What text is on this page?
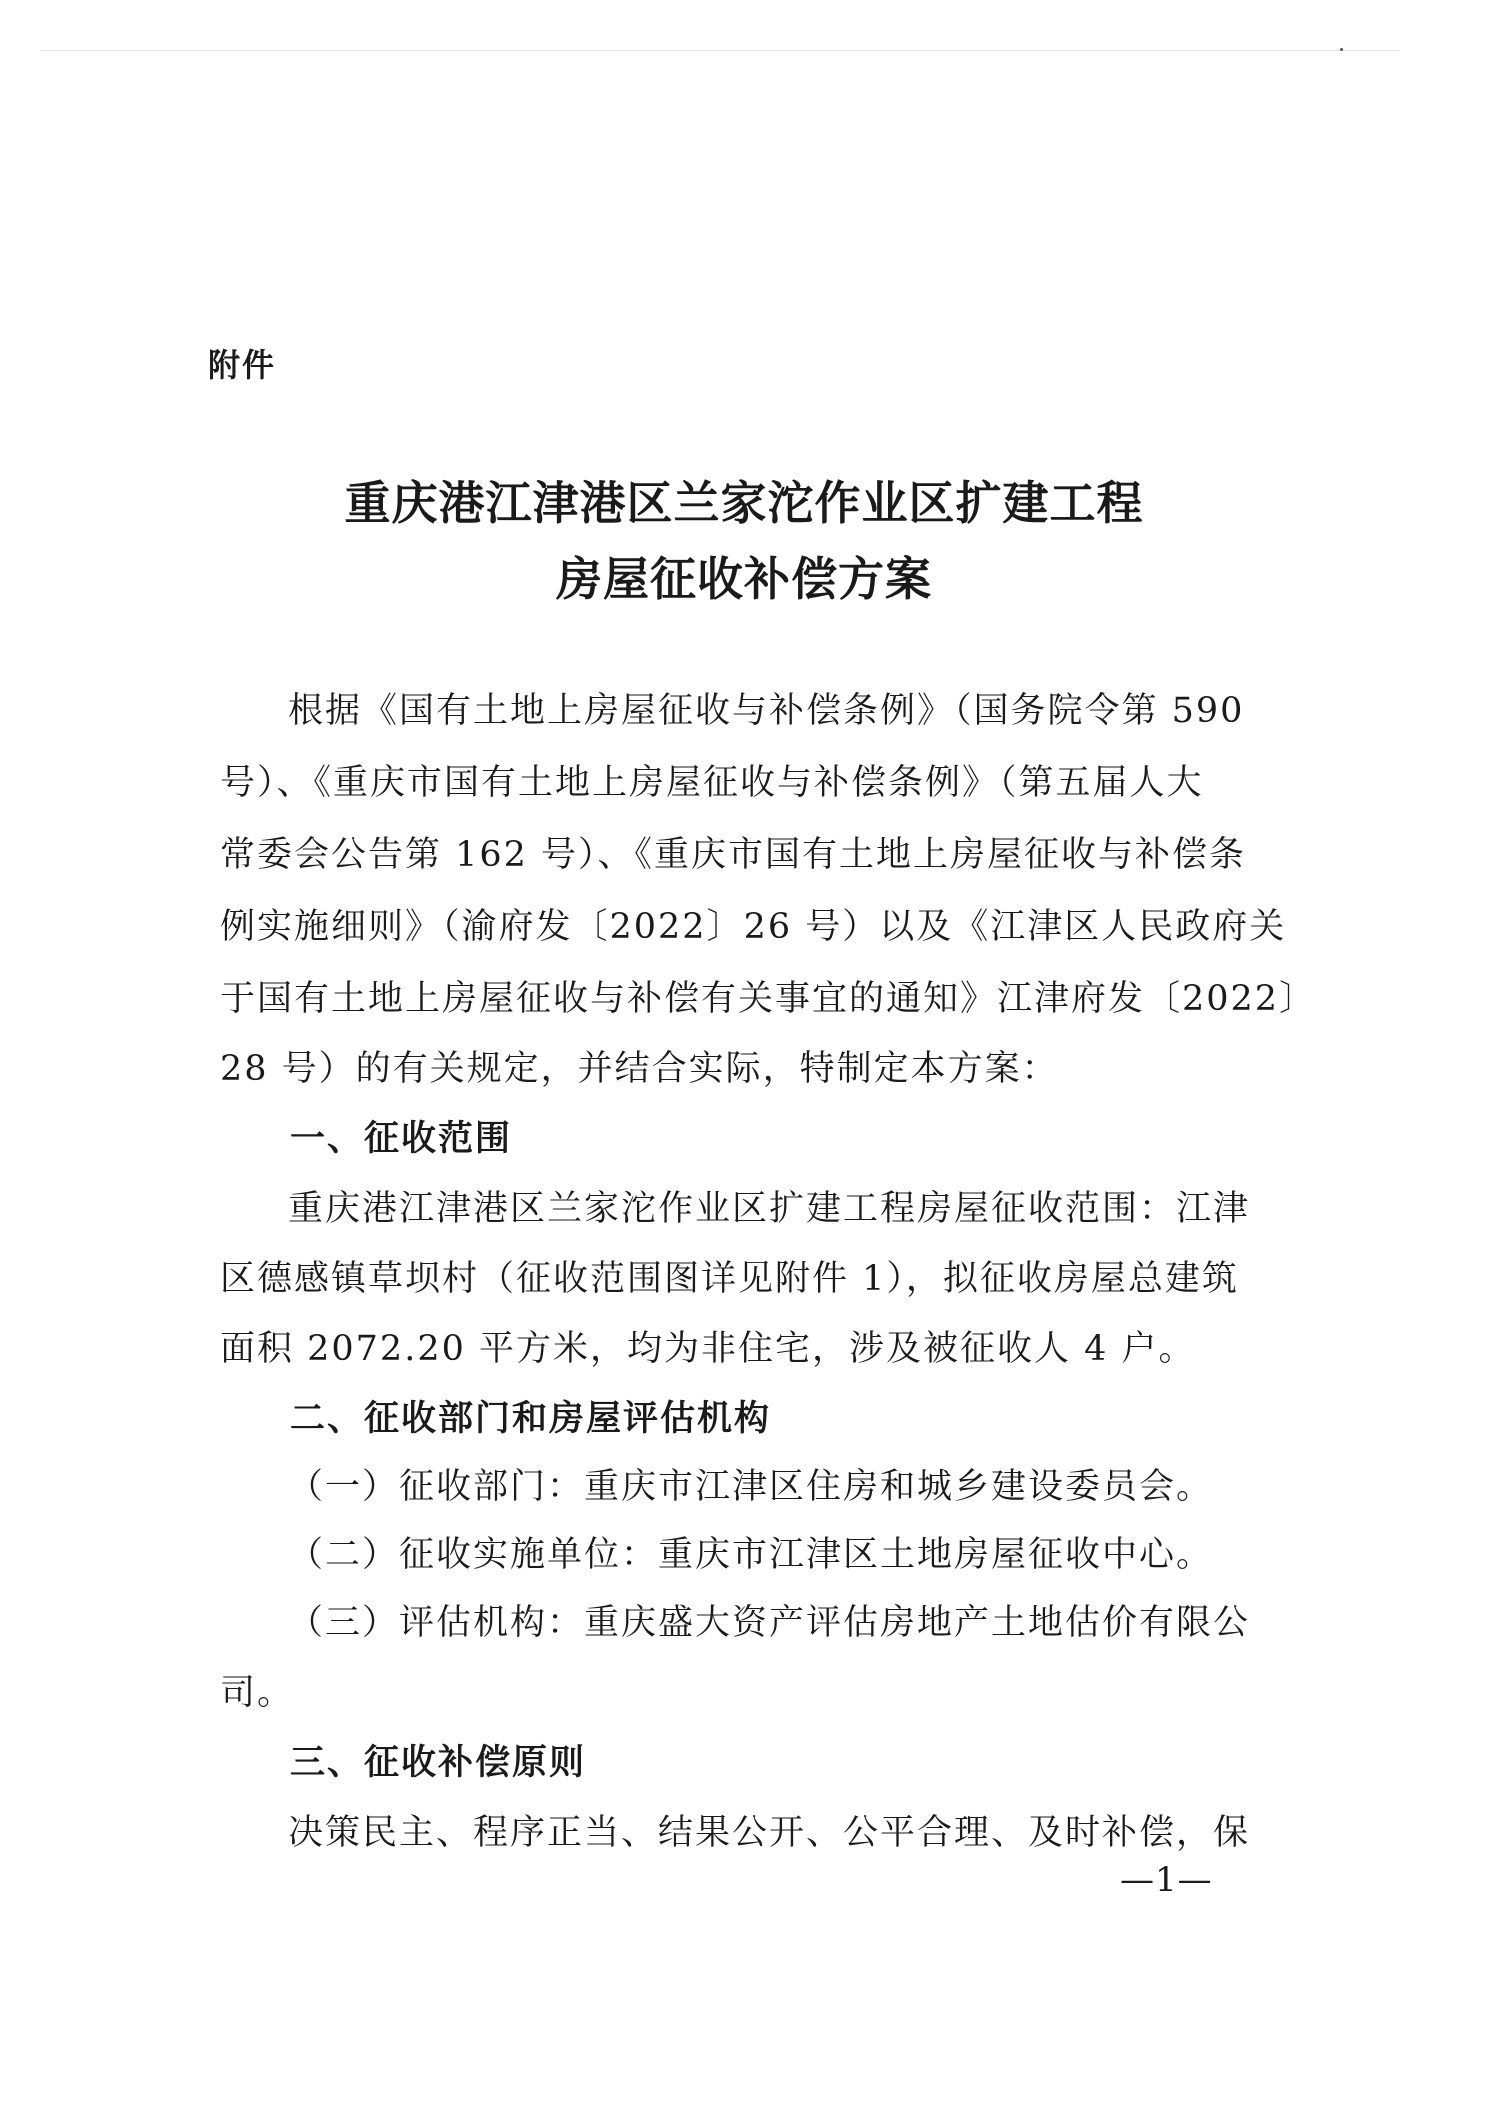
附件
重庆港江津港区兰家沱作业区扩建工程
房屋征收补偿方案
根据《国有土地上房屋征收与补偿条例》（国务院令第 590
号）、《重庆市国有土地上房屋征收与补偿条例》（第五届人大
常委会公告第 162 号）、《重庆市国有土地上房屋征收与补偿条
例实施细则》（渝府发〔2022〕26 号）以及《江津区人民政府关
于国有土地上房屋征收与补偿有关事宜的通知》江津府发〔2022〕
28 号）的有关规定，并结合实际，特制定本方案：
一、征收范围
重庆港江津港区兰家沱作业区扩建工程房屋征收范围：江津
区德感镇草坝村（征收范围图详见附件 1），拟征收房屋总建筑
面积 2072.20 平方米，均为非住宅，涉及被征收人 4 户。
二、征收部门和房屋评估机构
（一）征收部门：重庆市江津区住房和城乡建设委员会。
（二）征收实施单位：重庆市江津区土地房屋征收中心。
（三）评估机构：重庆盛大资产评估房地产土地估价有限公
司。
三、征收补偿原则
决策民主、程序正当、结果公开、公平合理、及时补偿，保
—1—
